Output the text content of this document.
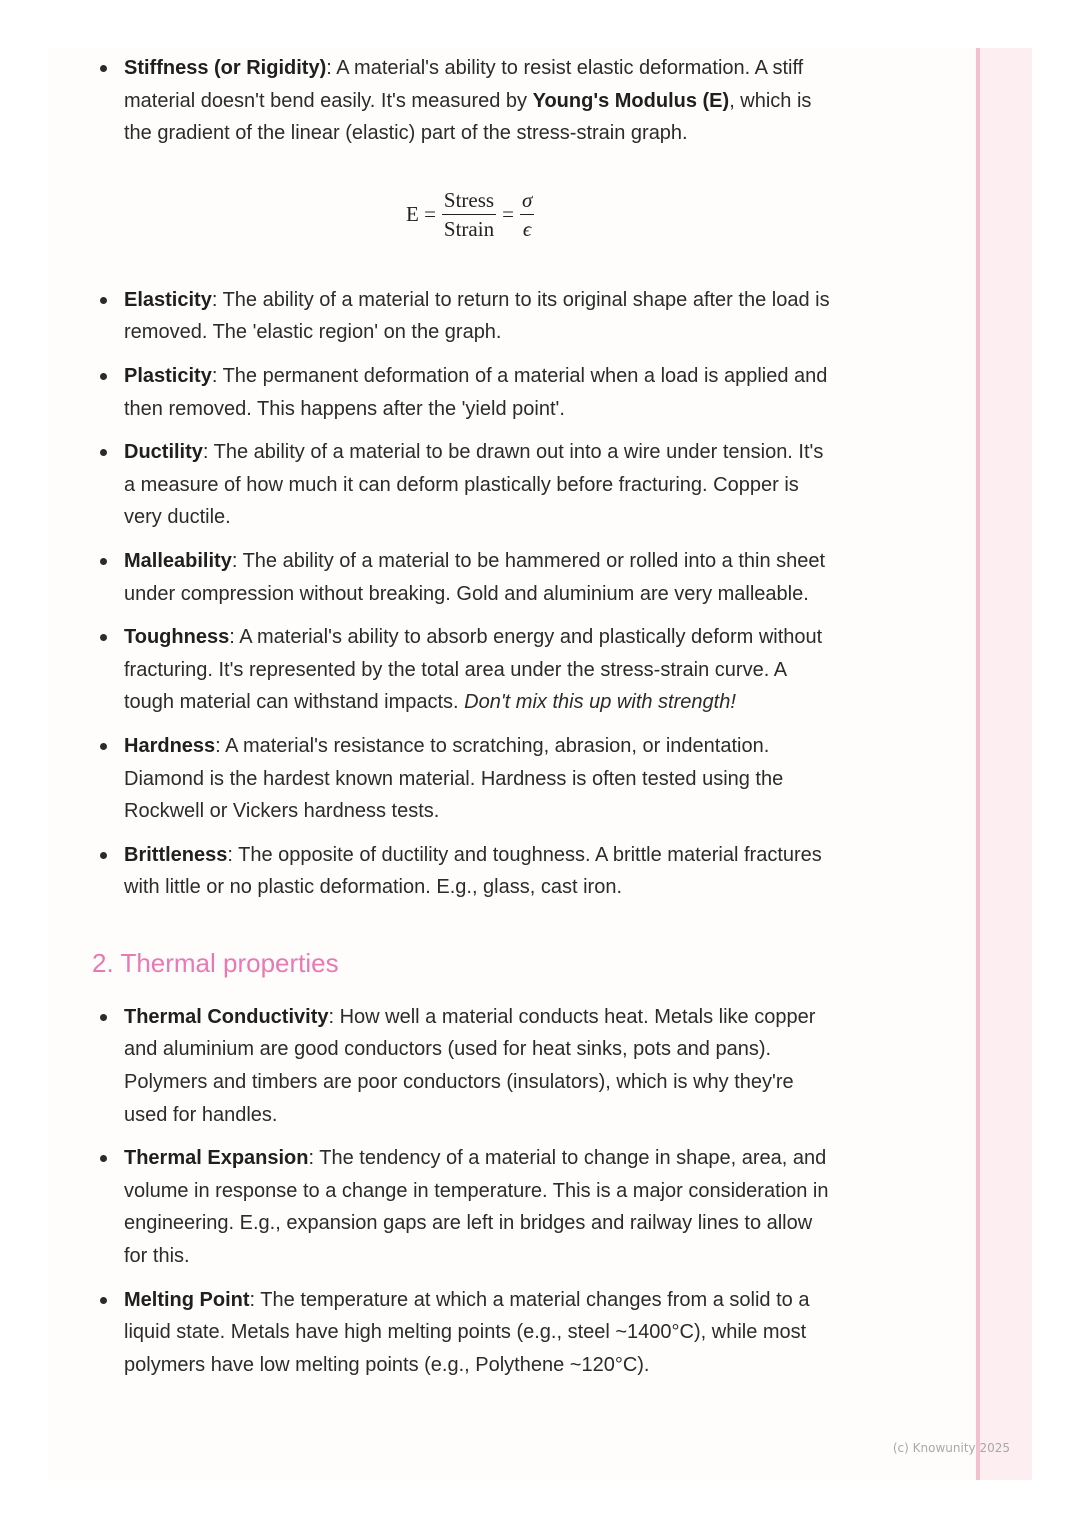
Stiffness (or Rigidity): A material's ability to resist elastic deformation. A stiff material doesn't bend easily. It's measured by Young's Modulus (E), which is the gradient of the linear (elastic) part of the stress-strain graph.
$E = \frac{\text{Stress}}{\text{Strain}} = \frac{\sigma}{\epsilon}$
Elasticity: The ability of a material to return to its original shape after the load is removed. The 'elastic region' on the graph.
Plasticity: The permanent deformation of a material when a load is applied and then removed. This happens after the 'yield point'.
Ductility: The ability of a material to be drawn out into a wire under tension. It's a measure of how much it can deform plastically before fracturing. Copper is very ductile.
Malleability: The ability of a material to be hammered or rolled into a thin sheet under compression without breaking. Gold and aluminium are very malleable.
Toughness: A material's ability to absorb energy and plastically deform without fracturing. It's represented by the total area under the stress-strain curve. A tough material can withstand impacts. Don't mix this up with strength!
Hardness: A material's resistance to scratching, abrasion, or indentation. Diamond is the hardest known material. Hardness is often tested using the Rockwell or Vickers hardness tests.
Brittleness: The opposite of ductility and toughness. A brittle material fractures with little or no plastic deformation. E.g., glass, cast iron.
2. Thermal properties
Thermal Conductivity: How well a material conducts heat. Metals like copper and aluminium are good conductors (used for heat sinks, pots and pans). Polymers and timbers are poor conductors (insulators), which is why they're used for handles.
Thermal Expansion: The tendency of a material to change in shape, area, and volume in response to a change in temperature. This is a major consideration in engineering. E.g., expansion gaps are left in bridges and railway lines to allow for this.
Melting Point: The temperature at which a material changes from a solid to a liquid state. Metals have high melting points (e.g., steel ~1400°C), while most polymers have low melting points (e.g., Polythene ~120°C).
(c) Knowunity 2025
